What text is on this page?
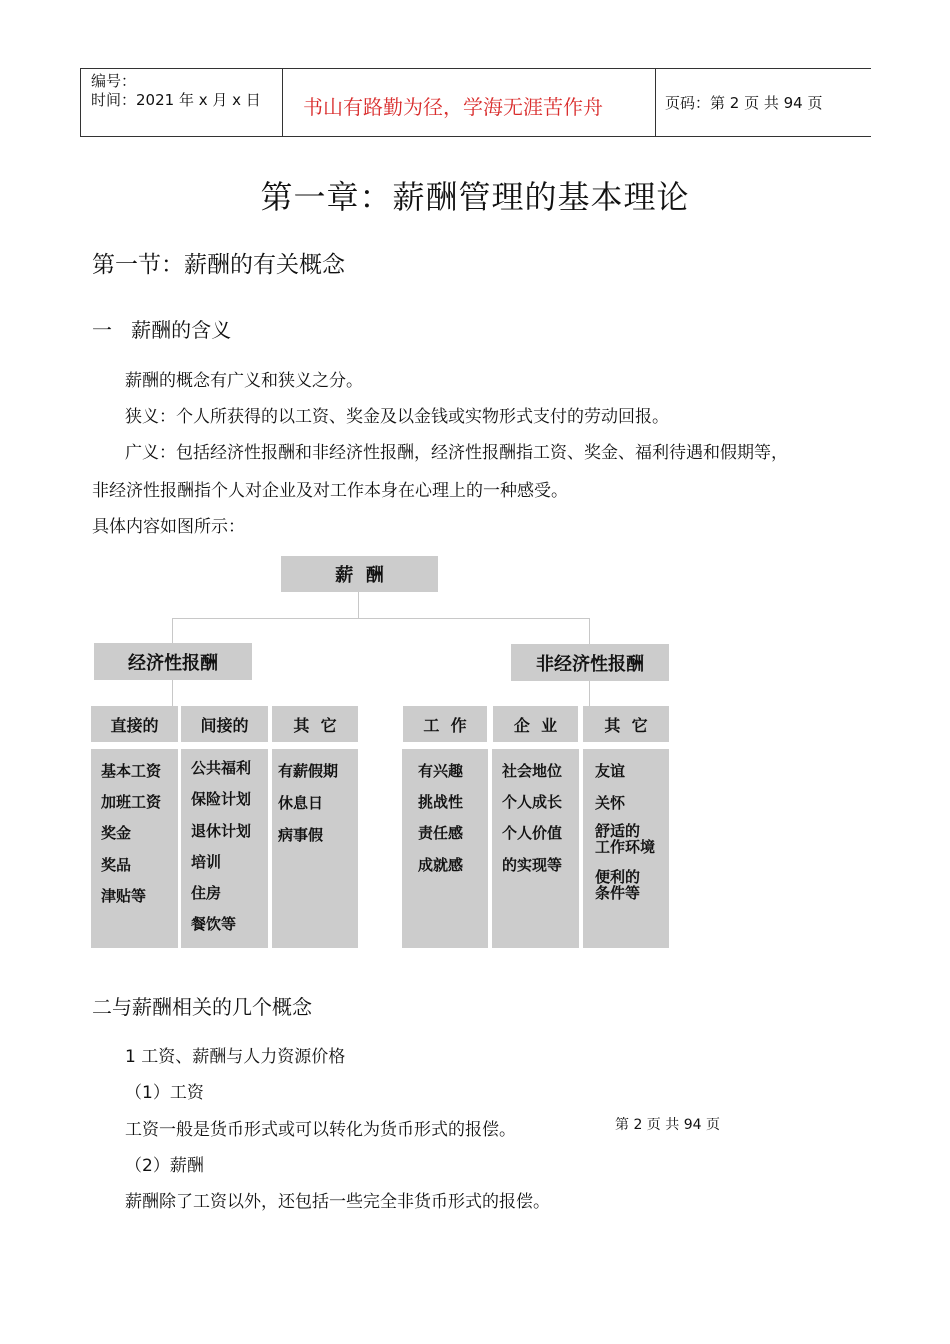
编号：
时间：2021 年 x 月 x 日 书山有路勤为径，学海无涯苦作舟	页码：第 2 页 共 94 页
第一章：薪酬管理的基本理论
第一节：薪酬的有关概念
一   薪酬的含义
薪酬的概念有广义和狭义之分。
狭义：个人所获得的以工资、奖金及以金钱或实物形式支付的劳动回报。
广义：包括经济性报酬和非经济性报酬，经济性报酬指工资、奖金、福利待遇和假期等，
非经济性报酬指个人对企业及对工作本身在心理上的一种感受。
具体内容如图所示：
薪  酬
经济性报酬	非经济性报酬
直接的	间接的	其  它	工  作	企  业	其  它
基本工资
加班工资
奖金
奖品
津贴等
公共福利
保险计划
退休计划
培训
住房
餐饮等
有薪假期
休息日
病事假
有兴趣
挑战性
责任感
成就感
社会地位
个人成长
个人价值
的实现等
友谊
关怀
舒适的
工作环境
便利的
条件等
二与薪酬相关的几个概念
1 工资、薪酬与人力资源价格
（1）工资
工资一般是货币形式或可以转化为货币形式的报偿。	第 2 页 共 94 页
（2）薪酬
薪酬除了工资以外，还包括一些完全非货币形式的报偿。
